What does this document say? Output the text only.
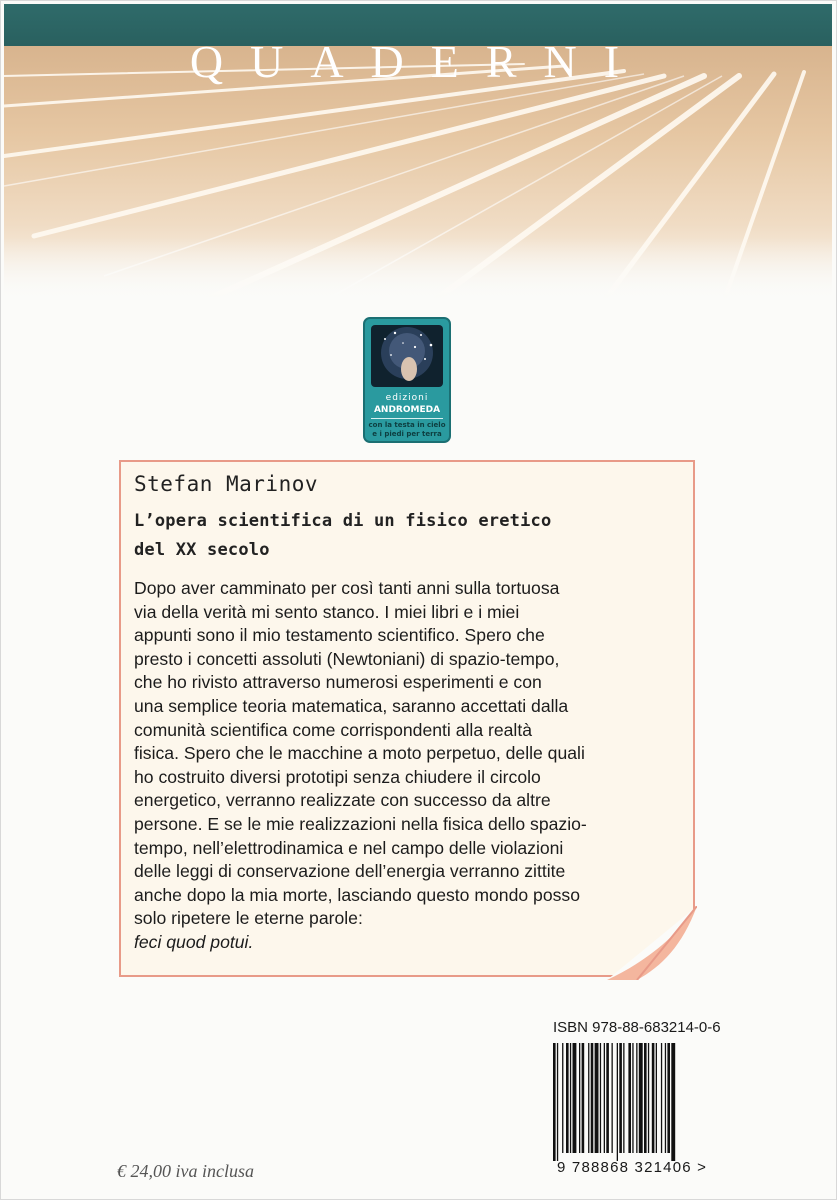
QUADERNI
edizioni
ANDROMEDA
con la testa in cielo
e i piedi per terra
Stefan Marinov
L’opera scientifica di un fisico eretico
del XX secolo
Dopo aver camminato per così tanti anni sulla tortuosa
via della verità mi sento stanco. I miei libri e i miei
appunti sono il mio testamento scientifico. Spero che
presto i concetti assoluti (Newtoniani) di spazio-tempo,
che ho rivisto attraverso numerosi esperimenti e con
una semplice teoria matematica, saranno accettati dalla
comunità scientifica come corrispondenti alla realtà
fisica. Spero che le macchine a moto perpetuo, delle quali
ho costruito diversi prototipi senza chiudere il circolo
energetico, verranno realizzate con successo da altre
persone. E se le mie realizzazioni nella fisica dello spazio-
tempo, nell’elettrodinamica e nel campo delle violazioni
delle leggi di conservazione dell’energia verranno zittite
anche dopo la mia morte, lasciando questo mondo posso
solo ripetere le eterne parole:
feci quod potui.
ISBN 978-88-683214-0-6
9 788868 321406 >
€ 24,00 iva inclusa
